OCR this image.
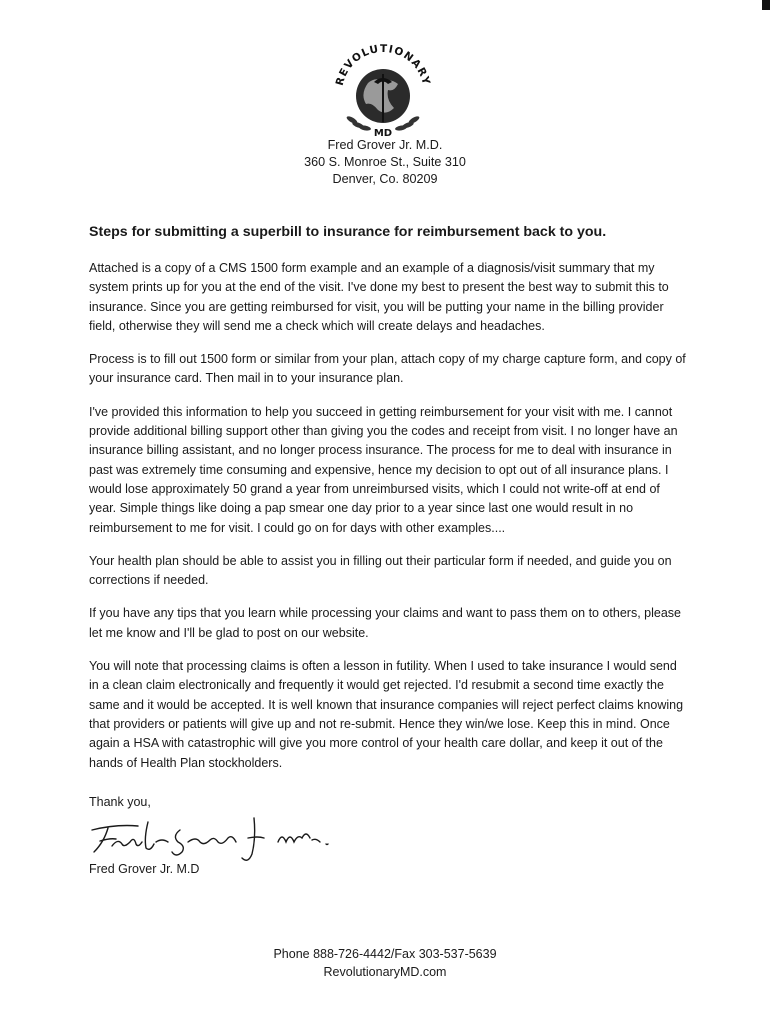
REVOLUTIONARY
MD
Fred Grover Jr. M.D.
360 S. Monroe St., Suite 310
Denver, Co. 80209
Steps for submitting a superbill to insurance for reimbursement back to you.

Attached is a copy of a CMS 1500 form example and an example of a diagnosis/visit summary that my system prints up for you at the end of the visit. I've done my best to present the best way to submit this to insurance. Since you are getting reimbursed for visit, you will be putting your name in the billing provider field, otherwise they will send me a check which will create delays and headaches.

Process is to fill out 1500 form or similar from your plan, attach copy of my charge capture form, and copy of your insurance card. Then mail in to your insurance plan.

I've provided this information to help you succeed in getting reimbursement for your visit with me. I cannot provide additional billing support other than giving you the codes and receipt from visit. I no longer have an insurance billing assistant, and no longer process insurance. The process for me to deal with insurance in past was extremely time consuming and expensive, hence my decision to opt out of all insurance plans. I would lose approximately 50 grand a year from unreimbursed visits, which I could not write-off at end of year. Simple things like doing a pap smear one day prior to a year since last one would result in no reimbursement to me for visit. I could go on for days with other examples....

Your health plan should be able to assist you in filling out their particular form if needed, and guide you on corrections if needed.

If you have any tips that you learn while processing your claims and want to pass them on to others, please let me know and I'll be glad to post on our website.

You will note that processing claims is often a lesson in futility. When I used to take insurance I would send in a clean claim electronically and frequently it would get rejected. I'd resubmit a second time exactly the same and it would be accepted. It is well known that insurance companies will reject perfect claims knowing that providers or patients will give up and not re-submit. Hence they win/we lose. Keep this in mind. Once again a HSA with catastrophic will give you more control of your health care dollar, and keep it out of the hands of Health Plan stockholders.

Thank you,
Fred Grover Jr. M.D
Phone 888-726-4442/Fax 303-537-5639
RevolutionaryMD.com
